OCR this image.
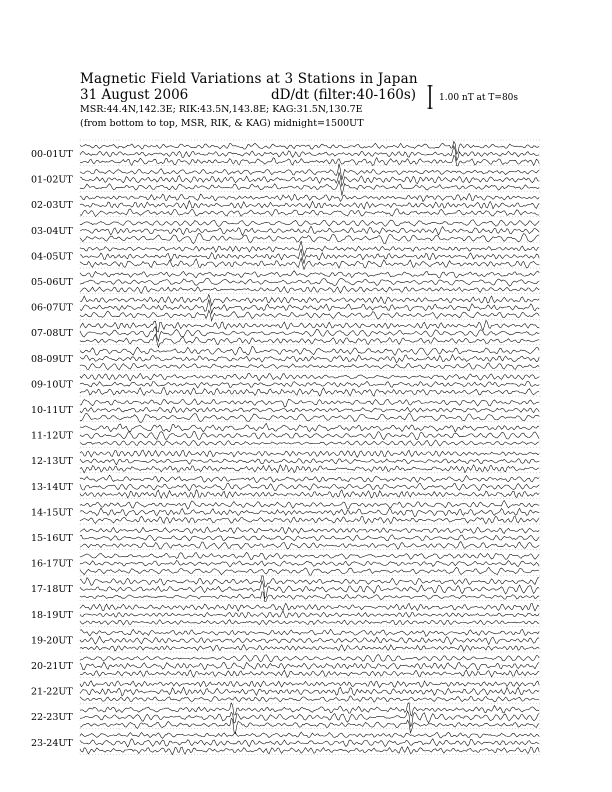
Magnetic Field Variations at 3 Stations in Japan
31 August 2006	dD/dt (filter:40-160s)
MSR:44.4N,142.3E; RIK:43.5N,143.8E; KAG:31.5N,130.7E
(from bottom to top, MSR, RIK, & KAG) midnight=1500UT
1.00 nT at T=80s
00-01UT
01-02UT
02-03UT
03-04UT
04-05UT
05-06UT
06-07UT
07-08UT
08-09UT
09-10UT
10-11UT
11-12UT
12-13UT
13-14UT
14-15UT
15-16UT
16-17UT
17-18UT
18-19UT
19-20UT
20-21UT
21-22UT
22-23UT
23-24UT
